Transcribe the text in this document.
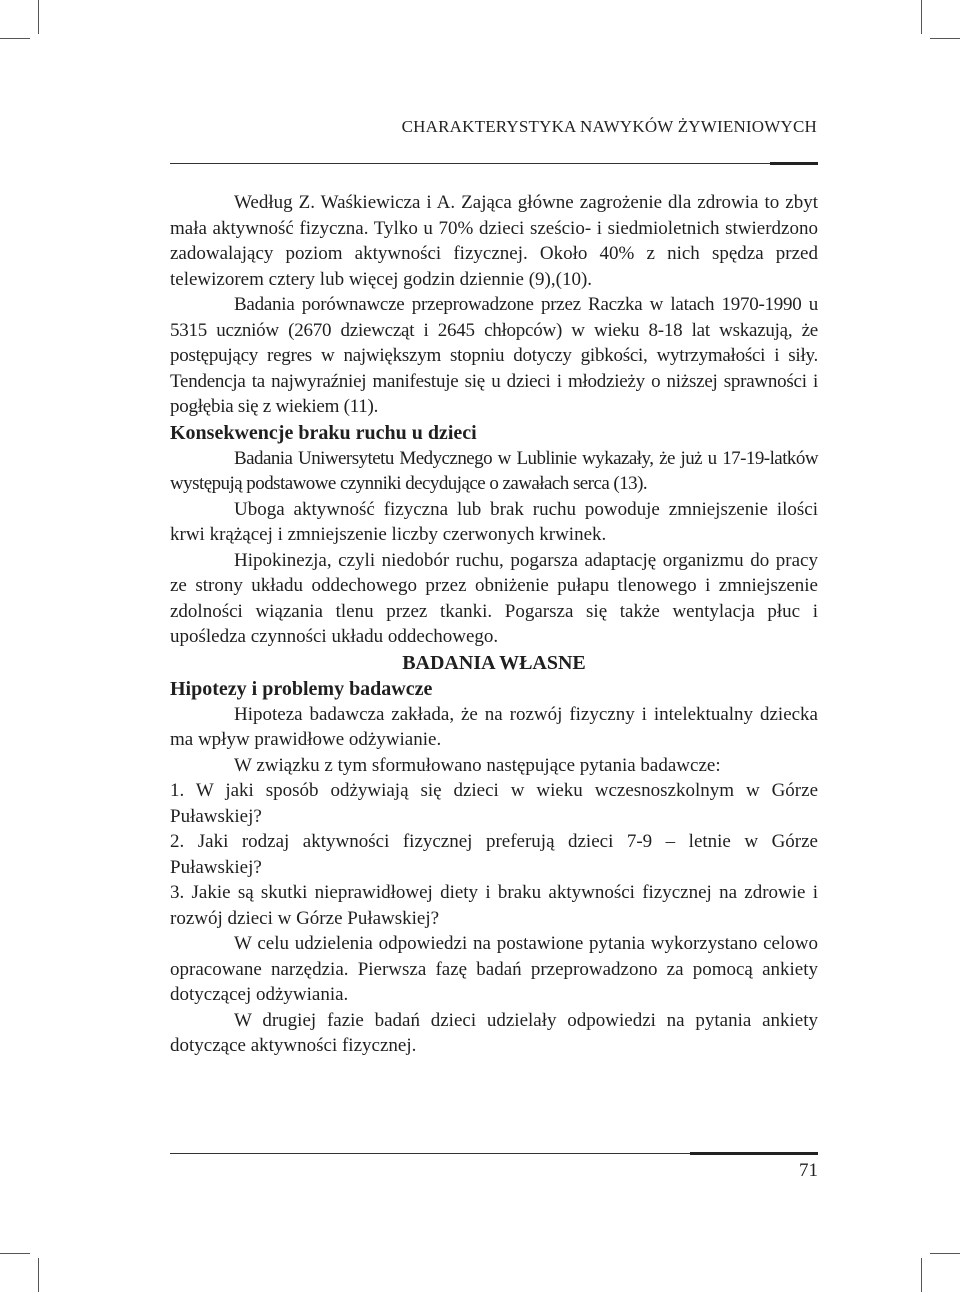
CHARAKTERYSTYKA NAWYKÓW ŻYWIENIOWYCH

Według Z. Waśkiewicza i A. Zająca główne zagrożenie dla zdrowia to zbyt mała aktywność fizyczna. Tylko u 70% dzieci sześcio- i siedmioletnich stwierdzono zadowalający poziom aktywności fizycznej. Około 40% z nich spędza przed telewizorem cztery lub więcej godzin dziennie (9),(10).

Badania porównawcze przeprowadzone przez Raczka w latach 1970-1990 u 5315 uczniów (2670 dziewcząt i 2645 chłopców) w wieku 8-18 lat wskazują, że postępujący regres w największym stopniu dotyczy gibkości, wytrzymałości i siły. Tendencja ta najwyraźniej manifestuje się u dzieci i młodzieży o niższej sprawności i pogłębia się z wiekiem (11).

Konsekwencje braku ruchu u dzieci

Badania Uniwersytetu Medycznego w Lublinie wykazały, że już u 17-19-latków występują podstawowe czynniki decydujące o zawałach serca (13).

Uboga aktywność fizyczna lub brak ruchu powoduje zmniejszenie ilości krwi krążącej i zmniejszenie liczby czerwonych krwinek.

Hipokinezja, czyli niedobór ruchu, pogarsza adaptację organizmu do pracy ze strony układu oddechowego przez obniżenie pułapu tlenowego i zmniejszenie zdolności wiązania tlenu przez tkanki. Pogarsza się także wentylacja płuc i upośledza czynności układu oddechowego.

BADANIA WŁASNE
Hipotezy i problemy badawcze

Hipoteza badawcza zakłada, że na rozwój fizyczny i intelektualny dziecka ma wpływ prawidłowe odżywianie.

W związku z tym sformułowano następujące pytania badawcze:

1. W jaki sposób odżywiają się dzieci w wieku wczesnoszkolnym w Górze Puławskiej?

2. Jaki rodzaj aktywności fizycznej preferują dzieci 7-9 – letnie w Górze Puławskiej?

3. Jakie są skutki nieprawidłowej diety i braku aktywności fizycznej na zdrowie i rozwój dzieci w Górze Puławskiej?

W celu udzielenia odpowiedzi na postawione pytania wykorzystano celowo opracowane narzędzia. Pierwsza fazę badań przeprowadzono za pomocą ankiety dotyczącej odżywiania.

W drugiej fazie badań dzieci udzielały odpowiedzi na pytania ankiety dotyczące aktywności fizycznej.

71
